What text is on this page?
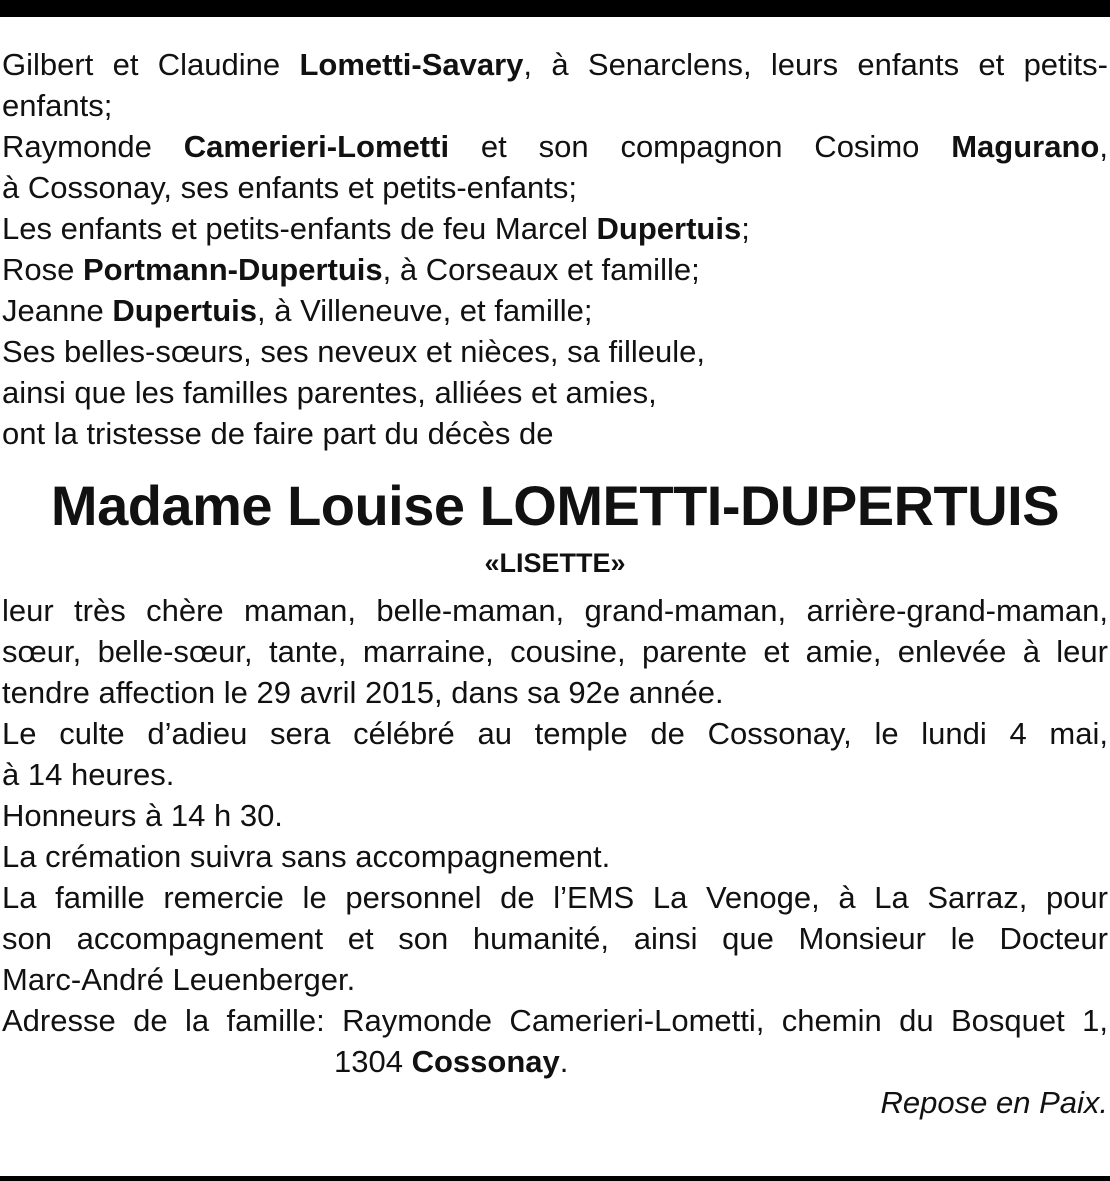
Gilbert et Claudine Lometti-Savary, à Senarclens, leurs enfants et petits-
enfants;
Raymonde Camerieri-Lometti et son compagnon Cosimo Magurano,
à Cossonay, ses enfants et petits-enfants;
Les enfants et petits-enfants de feu Marcel Dupertuis;
Rose Portmann-Dupertuis, à Corseaux et famille;
Jeanne Dupertuis, à Villeneuve, et famille;
Ses belles-sœurs, ses neveux et nièces, sa filleule,
ainsi que les familles parentes, alliées et amies,
ont la tristesse de faire part du décès de
Madame Louise LOMETTI-DUPERTUIS
«LISETTE»
leur très chère maman, belle-maman, grand-maman, arrière-grand-maman,
sœur, belle-sœur, tante, marraine, cousine, parente et amie, enlevée à leur
tendre affection le 29 avril 2015, dans sa 92e année.
Le culte d’adieu sera célébré au temple de Cossonay, le lundi 4 mai,
à 14 heures.
Honneurs à 14 h 30.
La crémation suivra sans accompagnement.
La famille remercie le personnel de l’EMS La Venoge, à La Sarraz, pour
son accompagnement et son humanité, ainsi que Monsieur le Docteur
Marc-André Leuenberger.
Adresse de la famille: Raymonde Camerieri-Lometti, chemin du Bosquet 1,
1304 Cossonay.
Repose en Paix.
